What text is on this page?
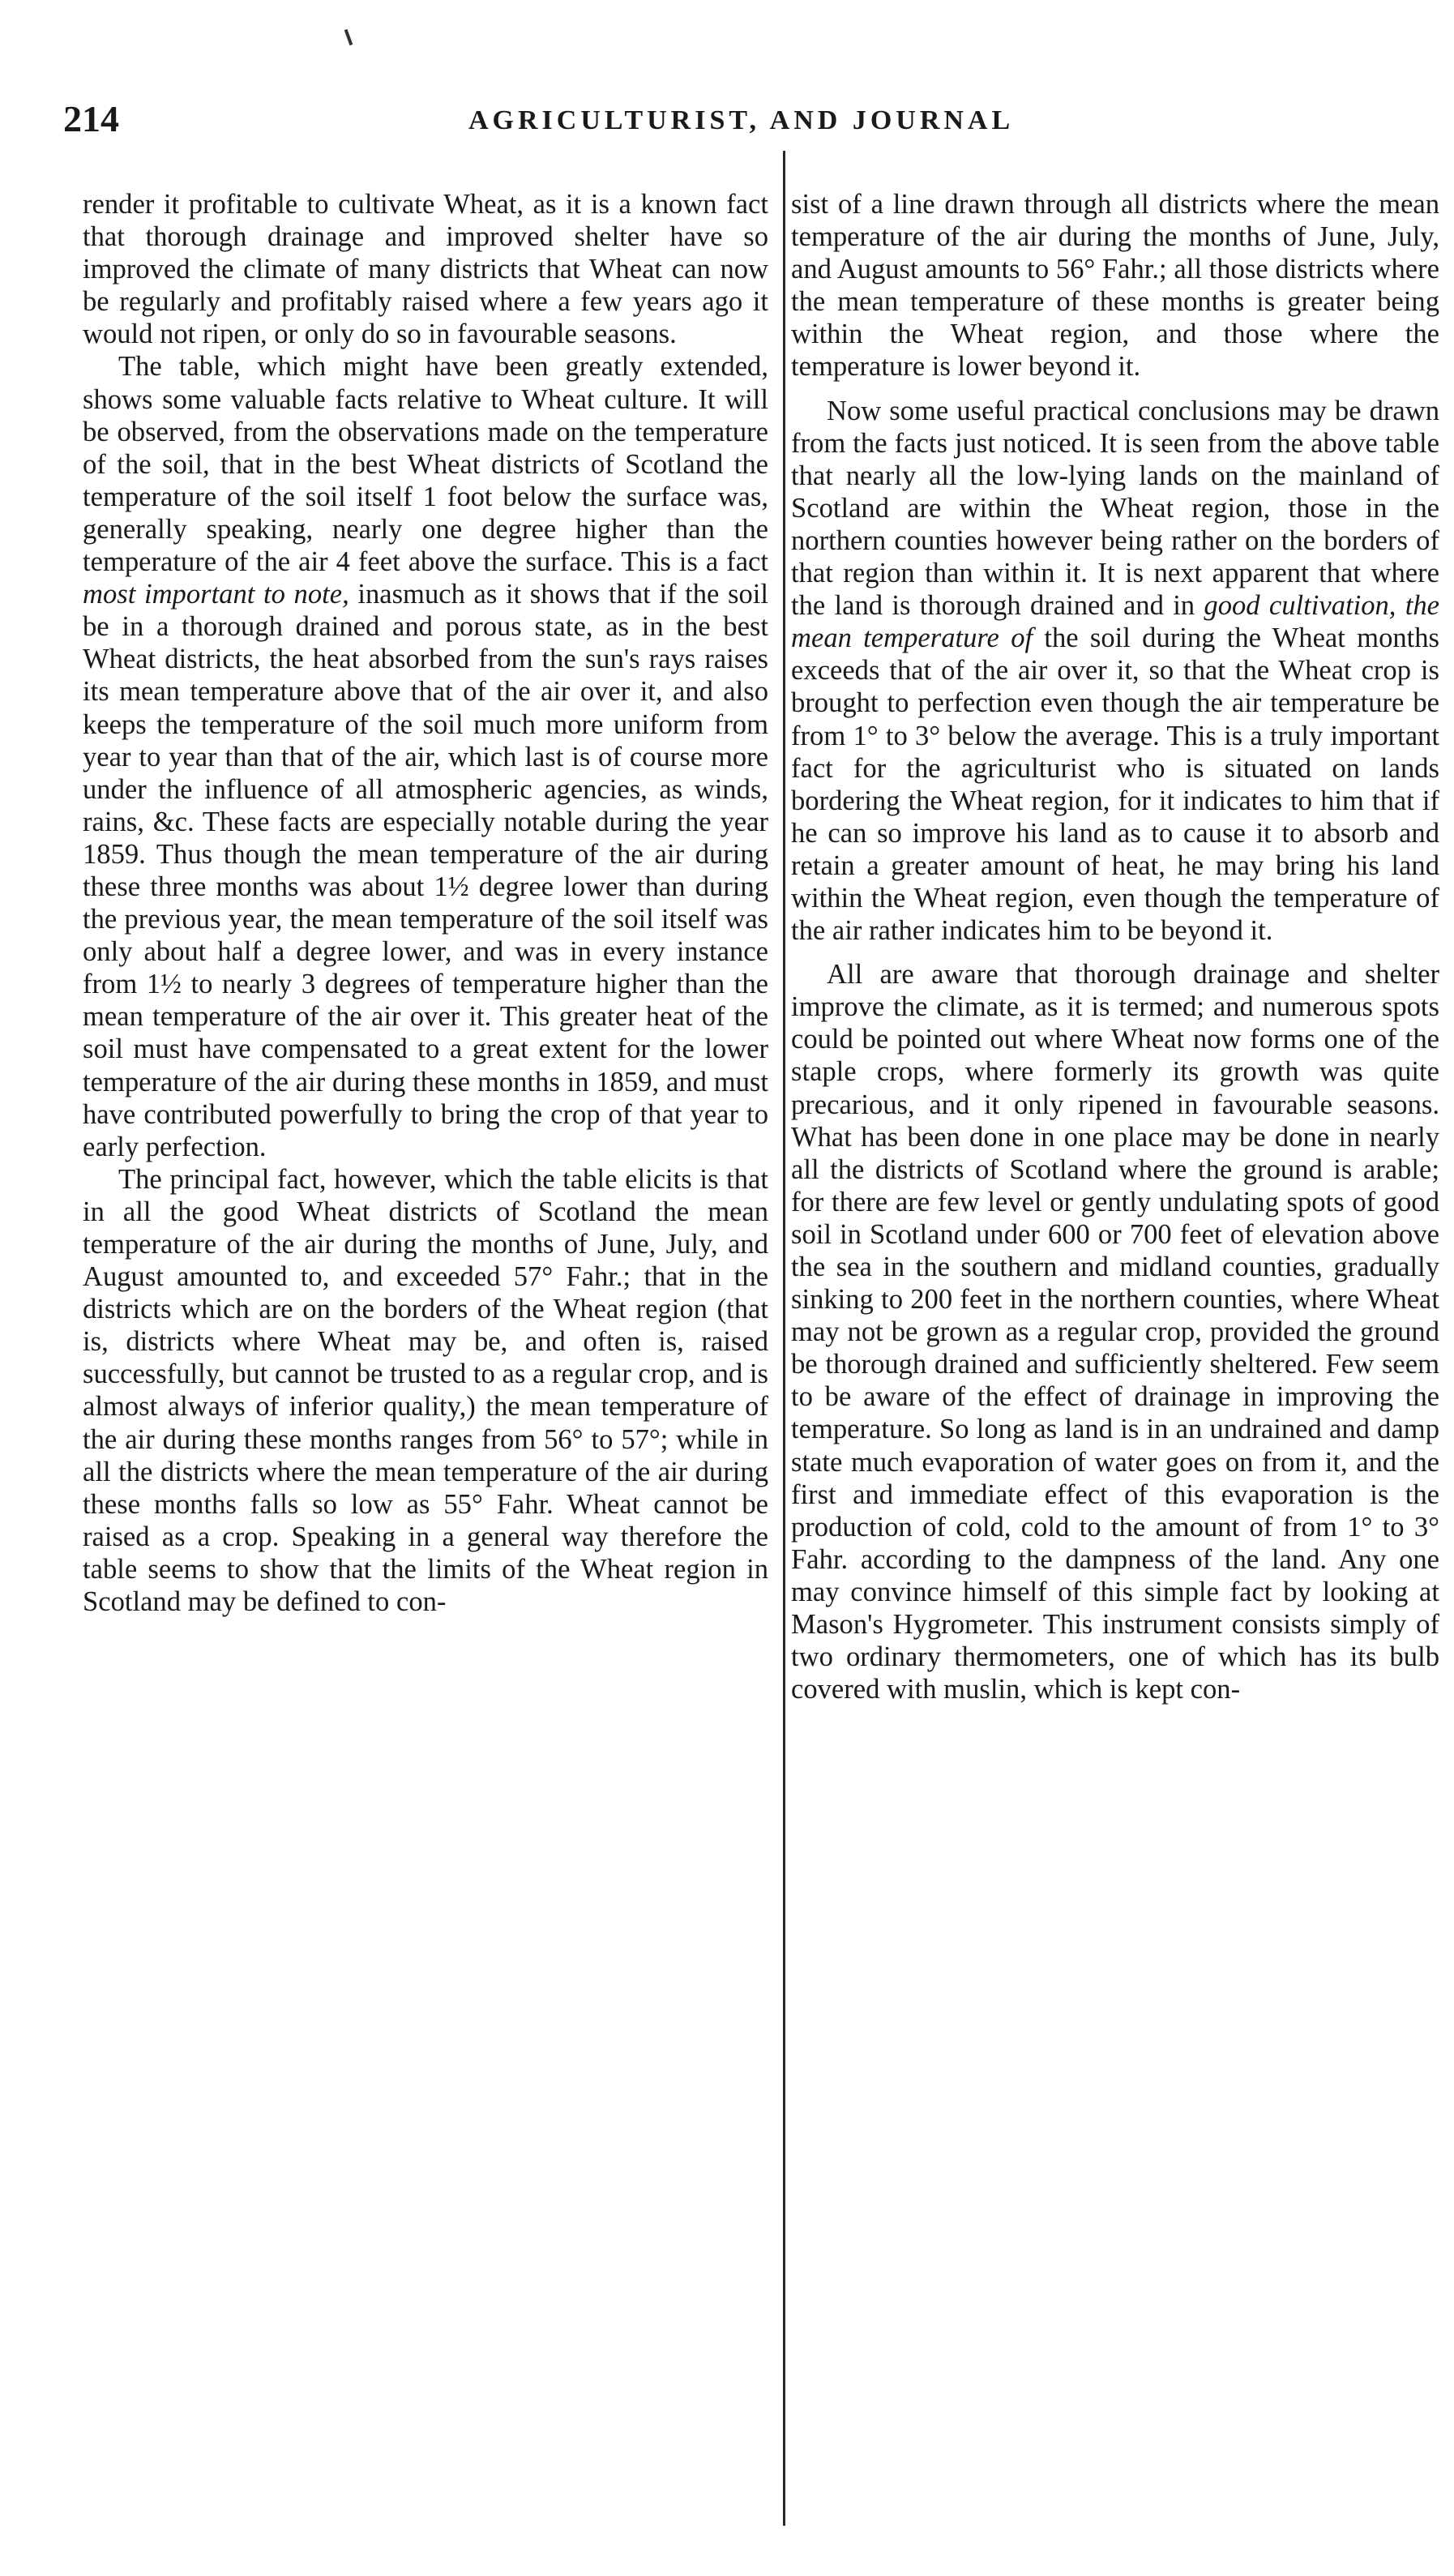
214	AGRICULTURIST, AND JOURNAL

render it profitable to cultivate Wheat, as it is a known fact that thorough drainage and improved shelter have so improved the climate of many districts that Wheat can now be regularly and profitably raised where a few years ago it would not ripen, or only do so in favourable seasons.

The table, which might have been greatly extended, shows some valuable facts relative to Wheat culture. It will be observed, from the observations made on the temperature of the soil, that in the best Wheat districts of Scotland the temperature of the soil itself 1 foot below the surface was, generally speaking, nearly one degree higher than the temperature of the air 4 feet above the surface. This is a fact most important to note, inasmuch as it shows that if the soil be in a thorough drained and porous state, as in the best Wheat districts, the heat absorbed from the sun's rays raises its mean temperature above that of the air over it, and also keeps the temperature of the soil much more uniform from year to year than that of the air, which last is of course more under the influence of all atmospheric agencies, as winds, rains, &c. These facts are especially notable during the year 1859. Thus though the mean temperature of the air during these three months was about 1½ degree lower than during the previous year, the mean temperature of the soil itself was only about half a degree lower, and was in every instance from 1½ to nearly 3 degrees of temperature higher than the mean temperature of the air over it. This greater heat of the soil must have compensated to a great extent for the lower temperature of the air during these months in 1859, and must have contributed powerfully to bring the crop of that year to early perfection.

The principal fact, however, which the table elicits is that in all the good Wheat districts of Scotland the mean temperature of the air during the months of June, July, and August amounted to, and exceeded 57° Fahr.; that in the districts which are on the borders of the Wheat region (that is, districts where Wheat may be, and often is, raised successfully, but cannot be trusted to as a regular crop, and is almost always of inferior quality,) the mean temperature of the air during these months ranges from 56° to 57°; while in all the districts where the mean temperature of the air during these months falls so low as 55° Fahr. Wheat cannot be raised as a crop. Speaking in a general way therefore the table seems to show that the limits of the Wheat region in Scotland may be defined to con-

sist of a line drawn through all districts where the mean temperature of the air during the months of June, July, and August amounts to 56° Fahr.; all those districts where the mean temperature of these months is greater being within the Wheat region, and those where the temperature is lower beyond it.

Now some useful practical conclusions may be drawn from the facts just noticed. It is seen from the above table that nearly all the low-lying lands on the mainland of Scotland are within the Wheat region, those in the northern counties however being rather on the borders of that region than within it. It is next apparent that where the land is thorough drained and in good cultivation, the mean temperature of the soil during the Wheat months exceeds that of the air over it, so that the Wheat crop is brought to perfection even though the air temperature be from 1° to 3° below the average. This is a truly important fact for the agriculturist who is situated on lands bordering the Wheat region, for it indicates to him that if he can so improve his land as to cause it to absorb and retain a greater amount of heat, he may bring his land within the Wheat region, even though the temperature of the air rather indicates him to be beyond it.

All are aware that thorough drainage and shelter improve the climate, as it is termed; and numerous spots could be pointed out where Wheat now forms one of the staple crops, where formerly its growth was quite precarious, and it only ripened in favourable seasons. What has been done in one place may be done in nearly all the districts of Scotland where the ground is arable; for there are few level or gently undulating spots of good soil in Scotland under 600 or 700 feet of elevation above the sea in the southern and midland counties, gradually sinking to 200 feet in the northern counties, where Wheat may not be grown as a regular crop, provided the ground be thorough drained and sufficiently sheltered. Few seem to be aware of the effect of drainage in improving the temperature. So long as land is in an undrained and damp state much evaporation of water goes on from it, and the first and immediate effect of this evaporation is the production of cold, cold to the amount of from 1° to 3° Fahr. according to the dampness of the land. Any one may convince himself of this simple fact by looking at Mason's Hygrometer. This instrument consists simply of two ordinary thermometers, one of which has its bulb covered with muslin, which is kept con-
